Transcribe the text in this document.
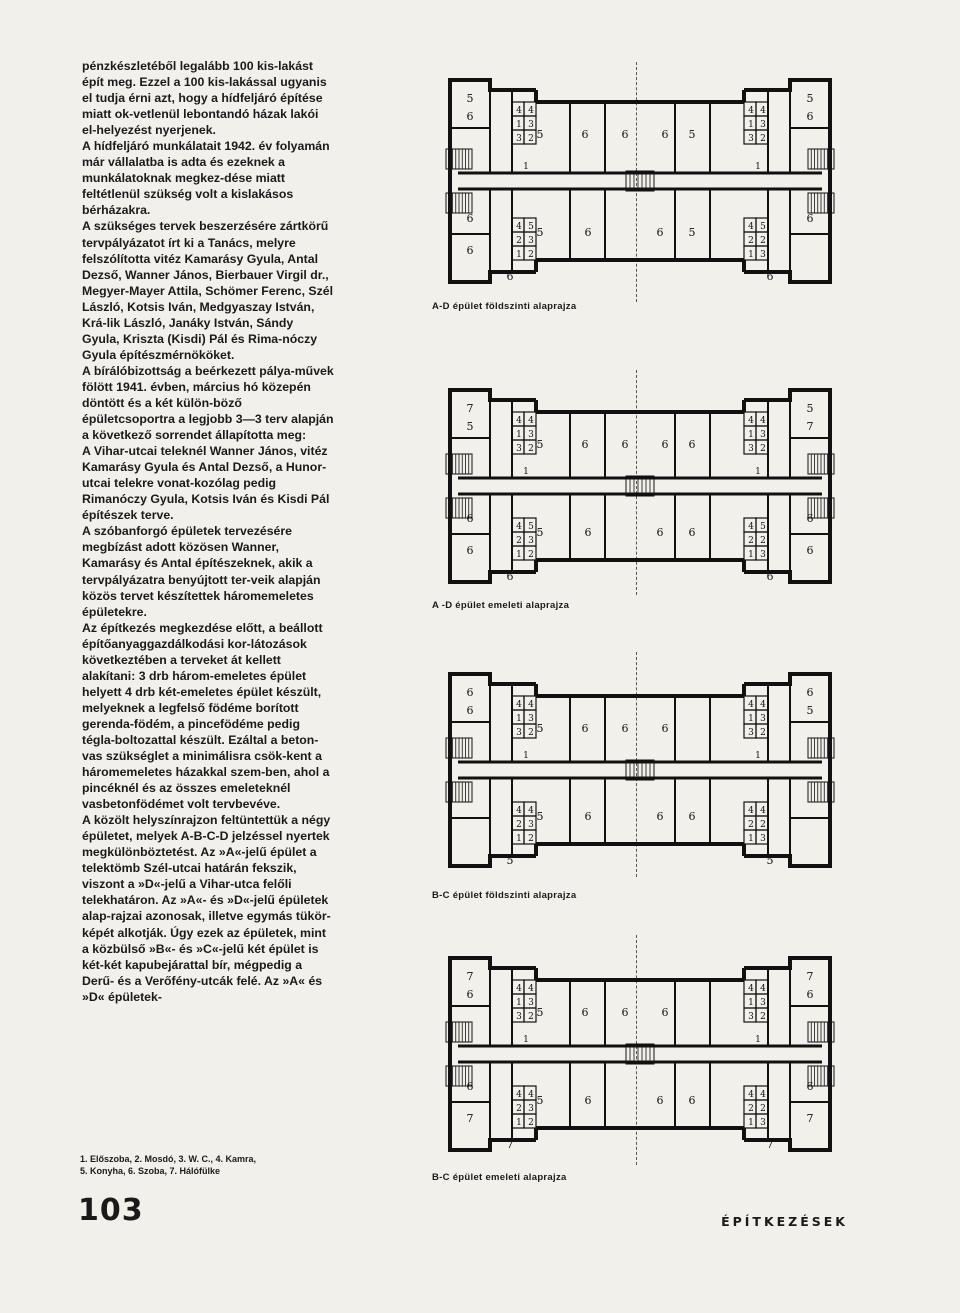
pénzkészletéből legalább 100 kis-lakást épít meg. Ezzel a 100 kis-lakással ugyanis el tudja érni azt, hogy a hídfeljáró építése miatt ok-vetlenül lebontandó házak lakói el-helyezést nyerjenek.

A hídfeljáró munkálatait 1942. év folyamán már vállalatba is adta és ezeknek a munkálatoknak megkez-dése miatt feltétlenül szükség volt a kislakásos bérházakra.

A szükséges tervek beszerzésére zártkörű tervpályázatot írt ki a Tanács, melyre felszólította vitéz Kamarásy Gyula, Antal Dezső, Wanner János, Bierbauer Virgil dr., Megyer-Mayer Attila, Schömer Ferenc, Szél László, Kotsis Iván, Medgyaszay István, Krá-lik László, Janáky István, Sándy Gyula, Kriszta (Kisdi) Pál és Rima-nóczy Gyula építészmérnököket.

A bírálóbizottság a beérkezett pálya-művek fölött 1941. évben, március hó közepén döntött és a két külön-böző épületcsoportra a legjobb 3—3 terv alapján a következő sorrendet állapította meg:

A Vihar-utcai teleknél Wanner János, vitéz Kamarásy Gyula és Antal Dezső, a Hunor-utcai telekre vonat-kozólag pedig Rimanóczy Gyula, Kotsis Iván és Kisdi Pál építészek terve.

A szóbanforgó épületek tervezésére megbízást adott közösen Wanner, Kamarásy és Antal építészeknek, akik a tervpályázatra benyújtott ter-veik alapján közös tervet készítettek háromemeletes épületekre.

Az építkezés megkezdése előtt, a beállott építőanyaggazdálkodási kor-látozások következtében a terveket át kellett alakítani: 3 drb három-emeletes épület helyett 4 drb két-emeletes épület készült, melyeknek a legfelső födéme borított gerenda-födém, a pincefödéme pedig tégla-boltozattal készült. Ezáltal a beton-vas szükséglet a minimálisra csök-kent a háromemeletes házakkal szem-ben, ahol a pincéknél és az összes emeleteknél vasbetonfödémet volt tervbevéve.

A közölt helyszínrajzon feltüntettük a négy épületet, melyek A-B-C-D jelzéssel nyertek megkülönböztetést. Az »A«-jelű épület a telektömb Szél-utcai határán fekszik, viszont a »D«-jelű a Vihar-utca felőli telekhatáron. Az »A«- és »D«-jelű épületek alap-rajzai azonosak, illetve egymás tükör-képét alkotják. Úgy ezek az épületek, mint a közbülső »B«- és »C«-jelű két épület is két-két kapubejárattal bír, mégpedig a Derű- és a Verőfény-utcák felé. Az »A« és »D« épületek-

1. Előszoba, 2. Mosdó, 3. W. C., 4. Kamra,
5. Konyha, 6. Szoba, 7. Hálófülke
103	ÉPÍTKEZÉSEK
5
6
6
6
5
6
6
5	6	6	6 5
5	6	6 5
4 4
1 3
3 2
1
1 2
2 3
4 5
4 4
1 3
3 2
1
1 3
2 2
4 5
6	6
A-D épület földszinti alaprajza
7
5
6
6
5
7
6
6
5	6	6	6 6
5	6	6 6
4 4
1 3
3 2
1
1 2
2 3
4 5
4 4
1 3
3 2
1
1 3
2 2
4 5
6	6
A -D épület emeleti alaprajza
6
6
6
5
5	6	6	6
5	6	6 6
4 4
1 3
3 2
1
1 2
2 3
4 4
4 4
1 3
3 2
1
1 3
2 2
4 4
5	5
B-C épület földszinti alaprajza
7
6
6
7
7
6
6
7
5	6	6	6
5	6	6 6
4 4
1 3
3 2
1
1 2
2 3
4 4
4 4
1 3
3 2
1
1 3
2 2
4 4
7	7
B-C épület emeleti alaprajza
